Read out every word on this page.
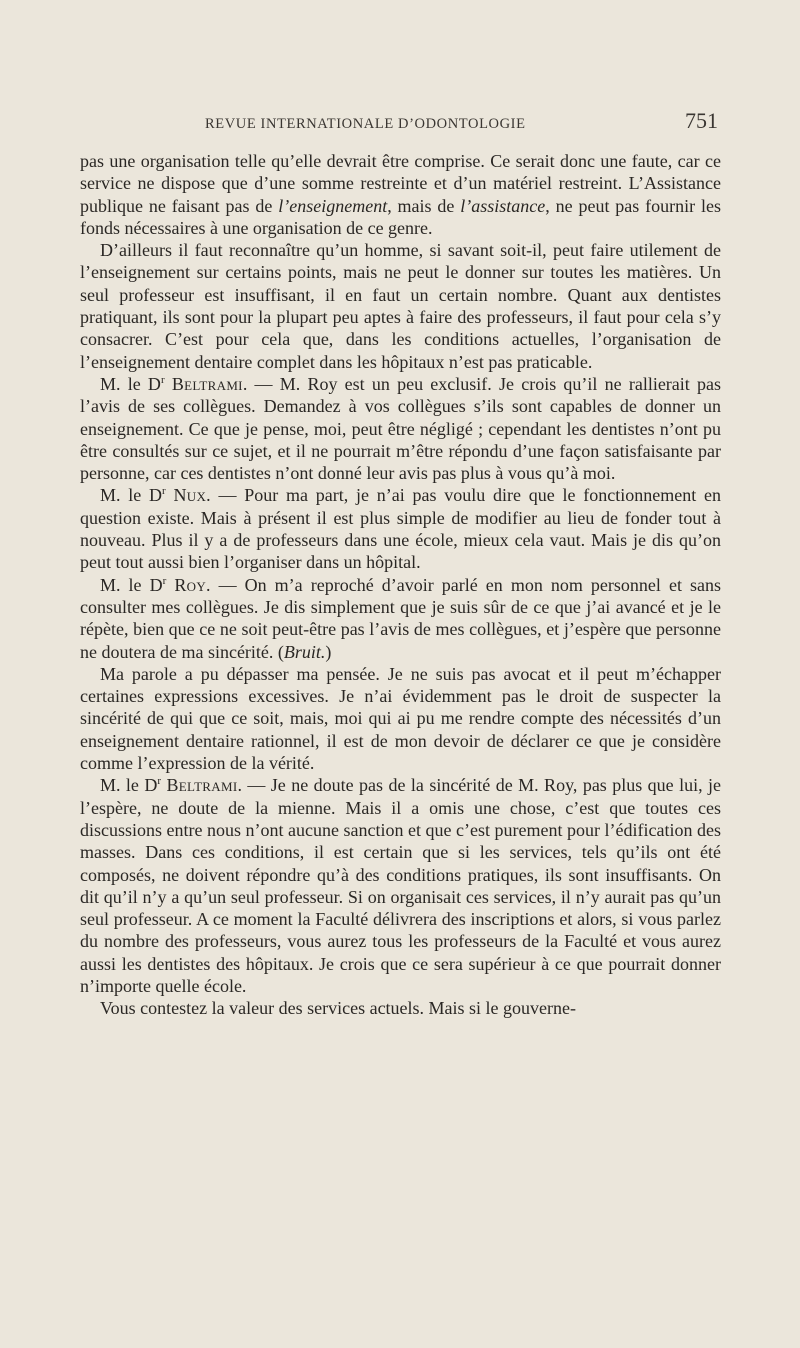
REVUE INTERNATIONALE D’ODONTOLOGIE	751

pas une organisation telle qu’elle devrait être comprise. Ce serait donc une faute, car ce service ne dispose que d’une somme restreinte et d’un matériel restreint. L’Assistance publique ne faisant pas de l’enseignement, mais de l’assistance, ne peut pas fournir les fonds nécessaires à une organisation de ce genre.

D’ailleurs il faut reconnaître qu’un homme, si savant soit-il, peut faire utilement de l’enseignement sur certains points, mais ne peut le donner sur toutes les matières. Un seul professeur est insuffisant, il en faut un certain nombre. Quant aux dentistes pratiquant, ils sont pour la plupart peu aptes à faire des professeurs, il faut pour cela s’y consacrer. C’est pour cela que, dans les conditions actuelles, l’organisation de l’enseignement dentaire complet dans les hôpitaux n’est pas praticable.

M. le $D^r$ Beltrami. — M. Roy est un peu exclusif. Je crois qu’il ne rallierait pas l’avis de ses collègues. Demandez à vos collègues s’ils sont capables de donner un enseignement. Ce que je pense, moi, peut être négligé ; cependant les dentistes n’ont pu être consultés sur ce sujet, et il ne pourrait m’être répondu d’une façon satisfaisante par personne, car ces dentistes n’ont donné leur avis pas plus à vous qu’à moi.

M. le $D^r$ Nux. — Pour ma part, je n’ai pas voulu dire que le fonctionnement en question existe. Mais à présent il est plus simple de modifier au lieu de fonder tout à nouveau. Plus il y a de professeurs dans une école, mieux cela vaut. Mais je dis qu’on peut tout aussi bien l’organiser dans un hôpital.

M. le $D^r$ Roy. — On m’a reproché d’avoir parlé en mon nom personnel et sans consulter mes collègues. Je dis simplement que je suis sûr de ce que j’ai avancé et je le répète, bien que ce ne soit peut-être pas l’avis de mes collègues, et j’espère que personne ne doutera de ma sincérité. (Bruit.)

Ma parole a pu dépasser ma pensée. Je ne suis pas avocat et il peut m’échapper certaines expressions excessives. Je n’ai évidemment pas le droit de suspecter la sincérité de qui que ce soit, mais, moi qui ai pu me rendre compte des nécessités d’un enseignement dentaire rationnel, il est de mon devoir de déclarer ce que je considère comme l’expression de la vérité.

M. le $D^r$ Beltrami. — Je ne doute pas de la sincérité de M. Roy, pas plus que lui, je l’espère, ne doute de la mienne. Mais il a omis une chose, c’est que toutes ces discussions entre nous n’ont aucune sanction et que c’est purement pour l’édification des masses. Dans ces conditions, il est certain que si les services, tels qu’ils ont été composés, ne doivent répondre qu’à des conditions pratiques, ils sont insuffisants. On dit qu’il n’y a qu’un seul professeur. Si on organisait ces services, il n’y aurait pas qu’un seul professeur. A ce moment la Faculté délivrera des inscriptions et alors, si vous parlez du nombre des professeurs, vous aurez tous les professeurs de la Faculté et vous aurez aussi les dentistes des hôpitaux. Je crois que ce sera supérieur à ce que pourrait donner n’importe quelle école.

Vous contestez la valeur des services actuels. Mais si le gouverne-
